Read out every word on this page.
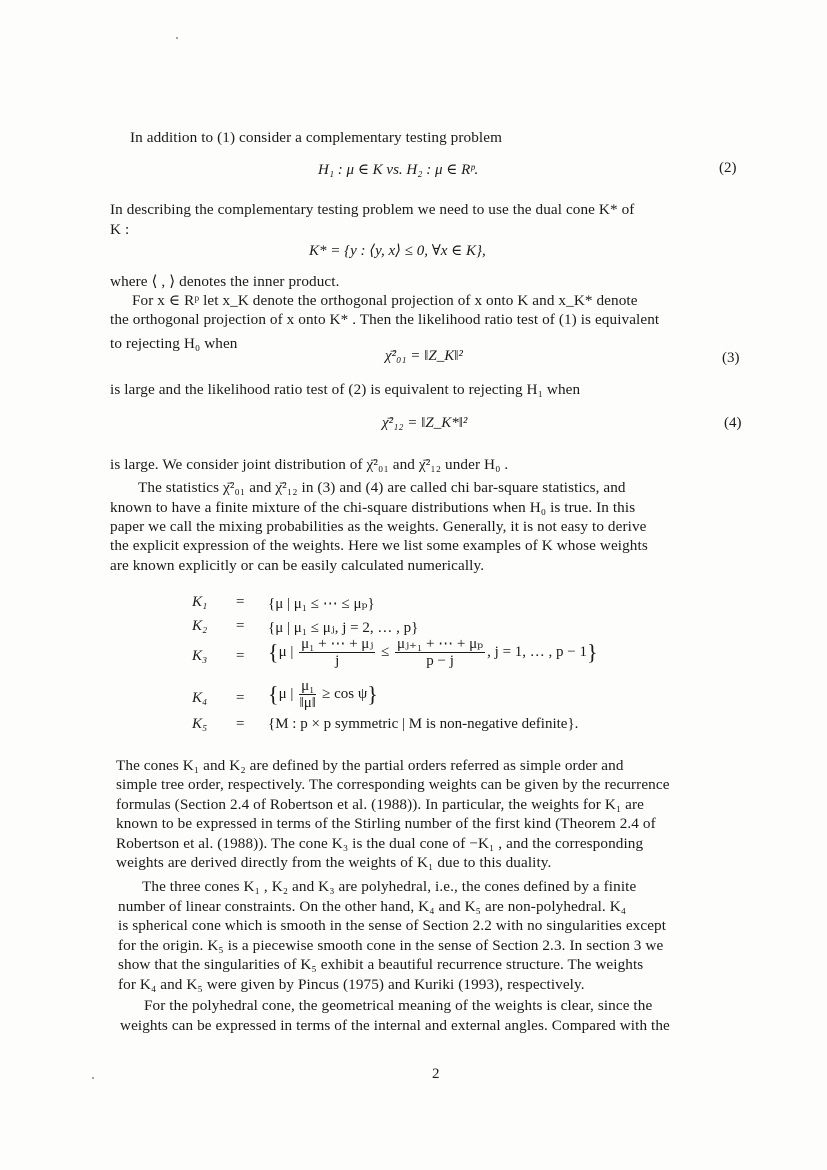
In addition to (1) consider a complementary testing problem
H₁ : μ ∈ K vs. H₂ : μ ∈ Rᵖ.	(2)
In describing the complementary testing problem we need to use the dual cone K* of
K :
K* = {y : ⟨y, x⟩ ≤ 0, ∀x ∈ K},
where ⟨ , ⟩ denotes the inner product.
For x ∈ Rᵖ let x_K denote the orthogonal projection of x onto K and x_K* denote
the orthogonal projection of x onto K* . Then the likelihood ratio test of (1) is equivalent
to rejecting H₀ when
χ̄²₀₁ = ‖Z_K‖²	(3)
is large and the likelihood ratio test of (2) is equivalent to rejecting H₁ when
χ̄²₁₂ = ‖Z_K*‖²	(4)
is large. We consider joint distribution of χ̄²₀₁ and χ̄²₁₂ under H₀ .
The statistics χ̄²₀₁ and χ̄²₁₂ in (3) and (4) are called chi bar-square statistics, and
known to have a finite mixture of the chi-square distributions when H₀ is true. In this
paper we call the mixing probabilities as the weights. Generally, it is not easy to derive
the explicit expression of the weights. Here we list some examples of K whose weights
are known explicitly or can be easily calculated numerically.
K₁ = {μ | μ₁ ≤ ⋯ ≤ μₚ}
K₂ = {μ | μ₁ ≤ μⱼ, j = 2, … , p}
K₃ = {μ | $\frac{\text{μ₁ + ⋯ + μⱼ}}{j} \le \frac{\text{μⱼ₊₁ + ⋯ + μₚ}}{p - j}$ , j = 1, … , p − 1}
K₄ = {μ | $\frac{\text{μ₁}}{‖\mu‖} \ge \cos \psi$}
K₅ = {M : p × p symmetric | M is non-negative definite}.
The cones K₁ and K₂ are defined by the partial orders referred as simple order and
simple tree order, respectively. The corresponding weights can be given by the recurrence
formulas (Section 2.4 of Robertson et al. (1988)). In particular, the weights for K₁ are
known to be expressed in terms of the Stirling number of the first kind (Theorem 2.4 of
Robertson et al. (1988)). The cone K₃ is the dual cone of −K₁ , and the corresponding
weights are derived directly from the weights of K₁ due to this duality.
The three cones K₁ , K₂ and K₃ are polyhedral, i.e., the cones defined by a finite
number of linear constraints. On the other hand, K₄ and K₅ are non-polyhedral. K₄
is spherical cone which is smooth in the sense of Section 2.2 with no singularities except
for the origin. K₅ is a piecewise smooth cone in the sense of Section 2.3. In section 3 we
show that the singularities of K₅ exhibit a beautiful recurrence structure. The weights
for K₄ and K₅ were given by Pincus (1975) and Kuriki (1993), respectively.
For the polyhedral cone, the geometrical meaning of the weights is clear, since the
weights can be expressed in terms of the internal and external angles. Compared with the
2
